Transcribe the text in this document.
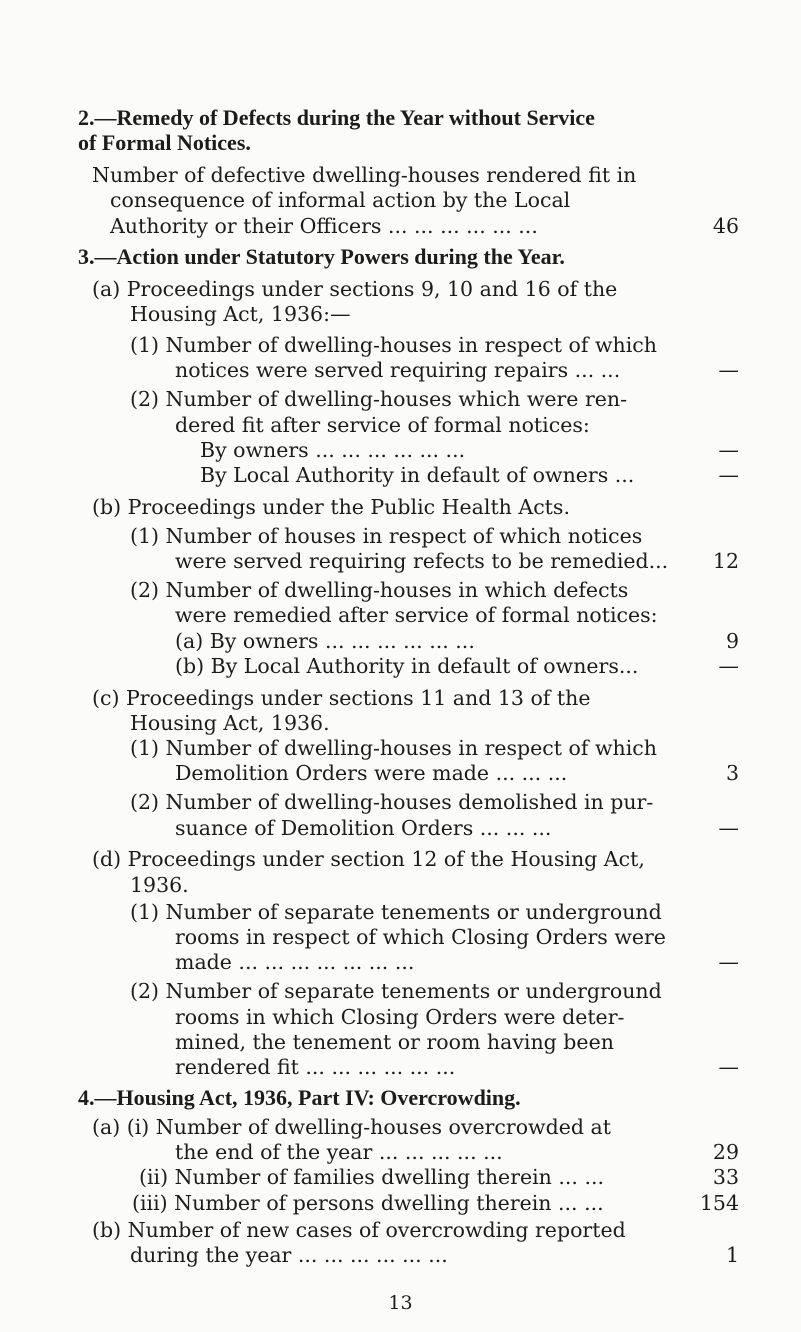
2.—Remedy of Defects during the Year without Service
of Formal Notices.
Number of defective dwelling-houses rendered fit in
consequence of informal action by the Local
Authority or their Officers ... ... ... ... ... ...	46
3.—Action under Statutory Powers during the Year.
(a) Proceedings under sections 9, 10 and 16 of the
Housing Act, 1936:—
(1) Number of dwelling-houses in respect of which
notices were served requiring repairs ... ...	—
(2) Number of dwelling-houses which were ren-
dered fit after service of formal notices:
By owners ... ... ... ... ... ...	—
By Local Authority in default of owners ...	—
(b) Proceedings under the Public Health Acts.
(1) Number of houses in respect of which notices
were served requiring refects to be remedied... 12
(2) Number of dwelling-houses in which defects
were remedied after service of formal notices:
(a) By owners ... ... ... ... ... ...	9
(b) By Local Authority in default of owners...	—
(c) Proceedings under sections 11 and 13 of the
Housing Act, 1936.
(1) Number of dwelling-houses in respect of which
Demolition Orders were made ... ... ...	3
(2) Number of dwelling-houses demolished in pur-
suance of Demolition Orders ... ... ...	—
(d) Proceedings under section 12 of the Housing Act,
1936.
(1) Number of separate tenements or underground
rooms in respect of which Closing Orders were
made ... ... ... ... ... ... ...	—
(2) Number of separate tenements or underground
rooms in which Closing Orders were deter-
mined, the tenement or room having been
rendered fit ... ... ... ... ... ...	—
4.—Housing Act, 1936, Part IV: Overcrowding.
(a) (i) Number of dwelling-houses overcrowded at
the end of the year ... ... ... ... ...	29
(ii) Number of families dwelling therein ... ...	33
(iii) Number of persons dwelling therein ... ...	154
(b) Number of new cases of overcrowding reported
during the year ... ... ... ... ... ...	1
13
